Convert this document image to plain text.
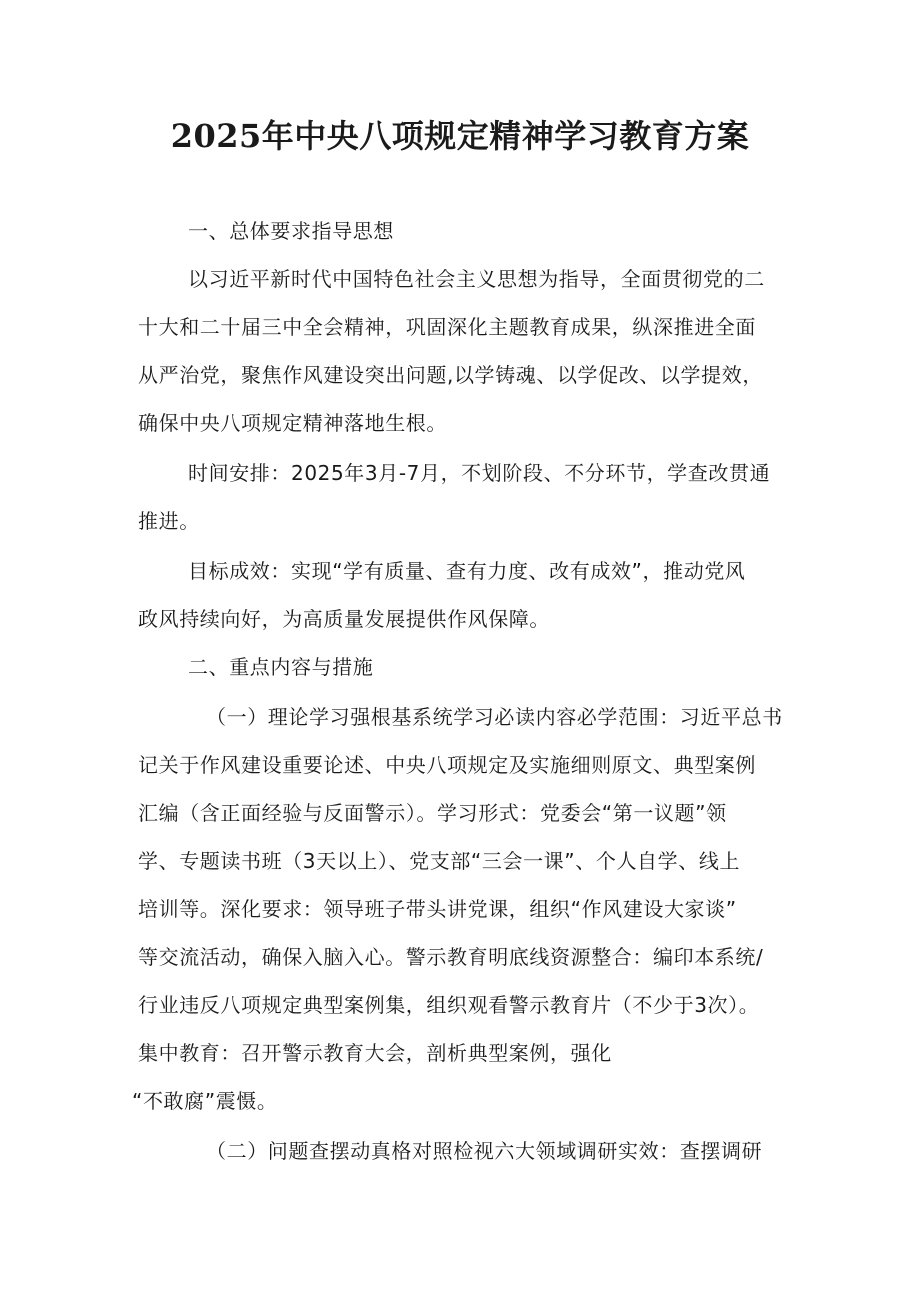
2025年中央八项规定精神学习教育方案

一、总体要求指导思想

以习近平新时代中国特色社会主义思想为指导，全面贯彻党的二

十大和二十届三中全会精神，巩固深化主题教育成果，纵深推进全面

从严治党，聚焦作风建设突出问题,以学铸魂、以学促改、以学提效，

确保中央八项规定精神落地生根。

时间安排：2025年3月-7月，不划阶段、不分环节，学查改贯通

推进。

目标成效：实现“学有质量、查有力度、改有成效”，推动党风

政风持续向好，为高质量发展提供作风保障。

二、重点内容与措施

（一）理论学习强根基系统学习必读内容必学范围：习近平总书

记关于作风建设重要论述、中央八项规定及实施细则原文、典型案例

汇编（含正面经验与反面警示）。学习形式：党委会“第一议题”领

学、专题读书班（3天以上）、党支部“三会一课”、个人自学、线上

培训等。深化要求：领导班子带头讲党课，组织“作风建设大家谈”

等交流活动，确保入脑入心。警示教育明底线资源整合：编印本系统/

行业违反八项规定典型案例集，组织观看警示教育片（不少于3次）。

集中教育：召开警示教育大会，剖析典型案例，强化

“不敢腐”震慑。

（二）问题查摆动真格对照检视六大领域调研实效：查摆调研
